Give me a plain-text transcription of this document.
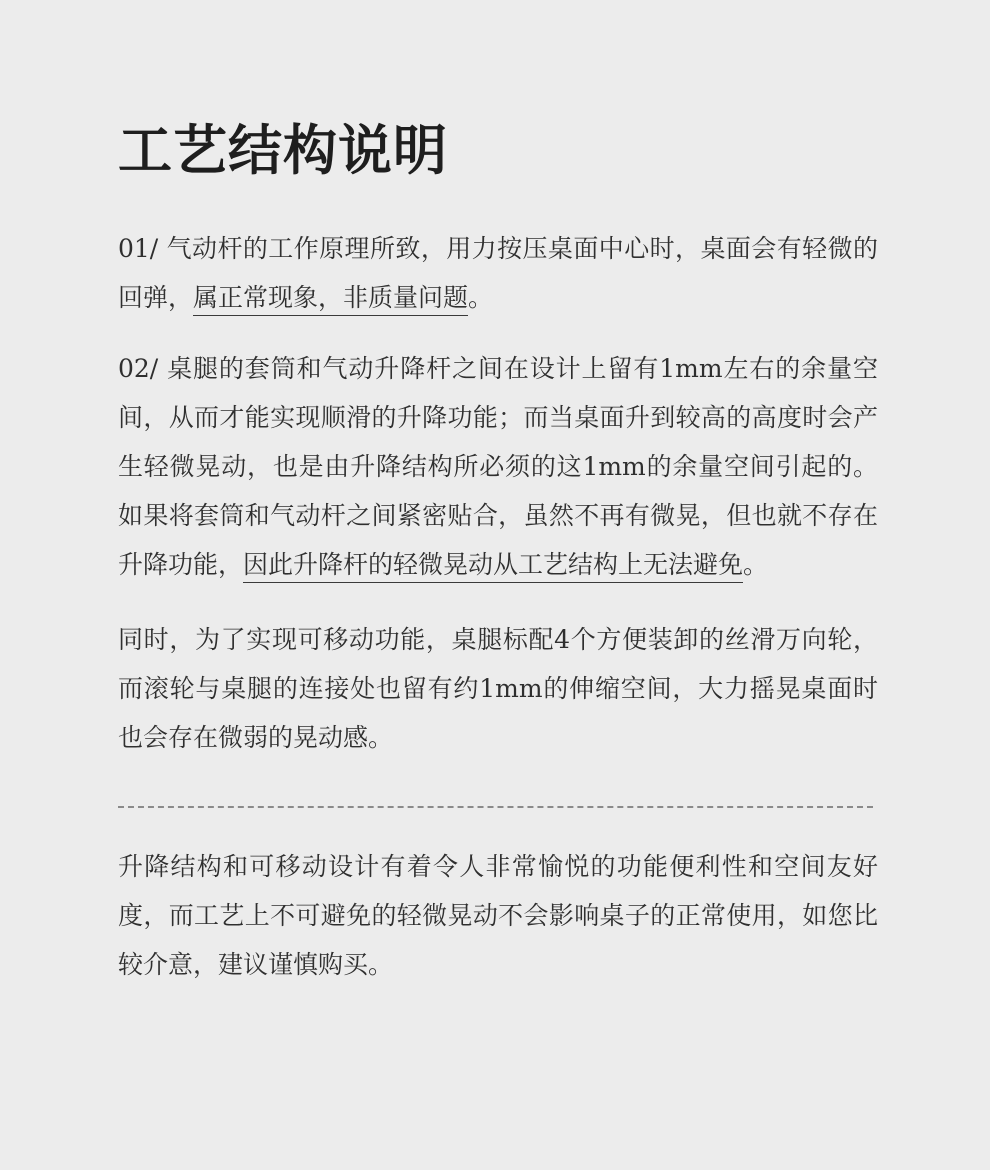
工艺结构说明

01/ 气动杆的工作原理所致，用力按压桌面中心时，桌面会有轻微的回弹，属正常现象，非质量问题。

02/ 桌腿的套筒和气动升降杆之间在设计上留有1mm左右的余量空间，从而才能实现顺滑的升降功能；而当桌面升到较高的高度时会产生轻微晃动，也是由升降结构所必须的这1mm的余量空间引起的。如果将套筒和气动杆之间紧密贴合，虽然不再有微晃，但也就不存在升降功能，因此升降杆的轻微晃动从工艺结构上无法避免。

同时，为了实现可移动功能，桌腿标配4个方便装卸的丝滑万向轮，而滚轮与桌腿的连接处也留有约1mm的伸缩空间，大力摇晃桌面时也会存在微弱的晃动感。

升降结构和可移动设计有着令人非常愉悦的功能便利性和空间友好度，而工艺上不可避免的轻微晃动不会影响桌子的正常使用，如您比较介意，建议谨慎购买。
